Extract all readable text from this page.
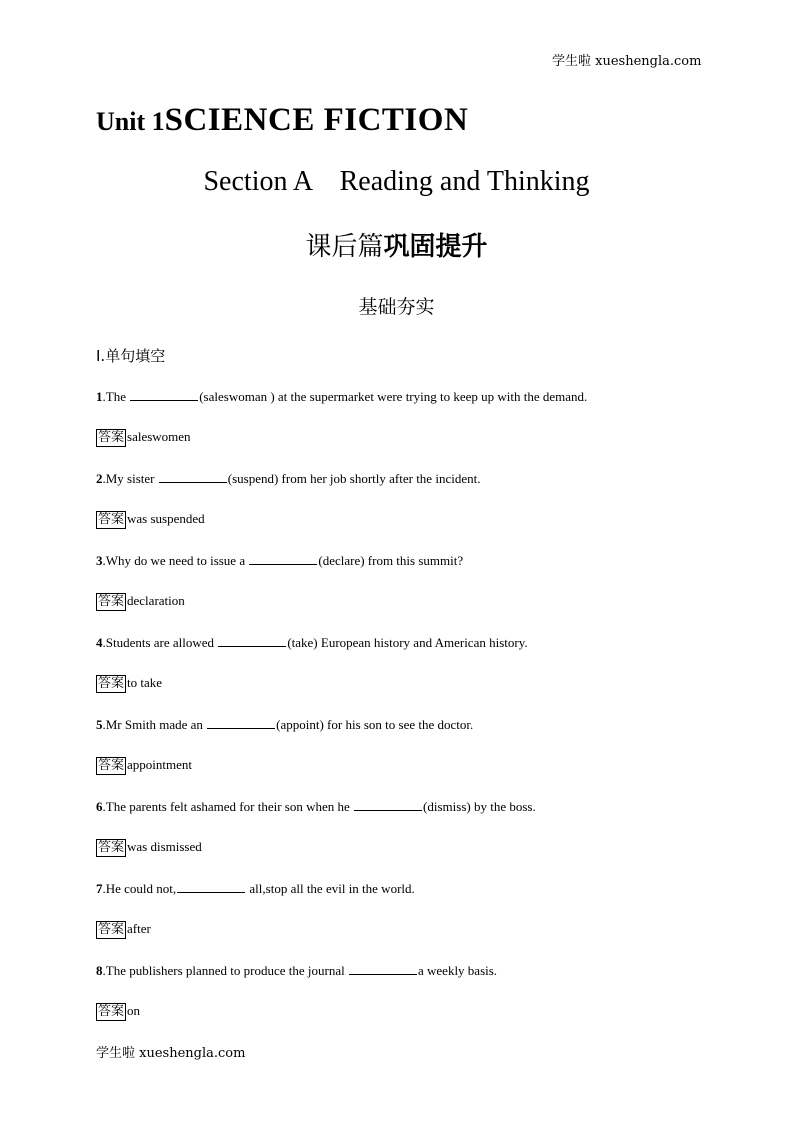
学生啦 xueshengla.com
Unit 1SCIENCE FICTION
Section A    Reading and Thinking
课后篇巩固提升
基础夯实
Ⅰ.单句填空
1.The	(saleswoman ) at the supermarket were trying to keep up with the demand.
答案 saleswomen
2.My sister	(suspend) from her job shortly after the incident.
答案 was suspended
3.Why do we need to issue a	(declare) from this summit?
答案 declaration
4.Students are allowed	(take) European history and American history.
答案 to take
5.Mr Smith made an	(appoint) for his son to see the doctor.
答案 appointment
6.The parents felt ashamed for their son when he	(dismiss) by the boss.
答案 was dismissed
7.He could not,	all,stop all the evil in the world.
答案 after
8.The publishers planned to produce the journal	a weekly basis.
答案 on
学生啦 xueshengla.com
